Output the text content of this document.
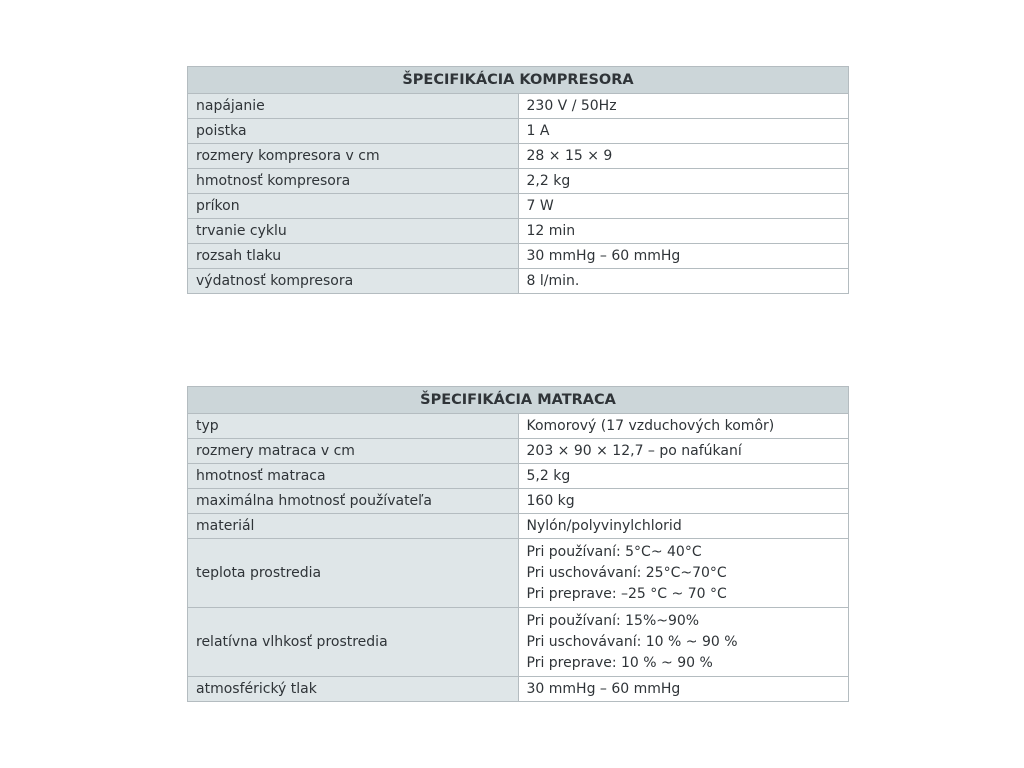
ŠPECIFIKÁCIA KOMPRESORA	
napájanie	230 V / 50Hz
poistka	1 A
rozmery kompresora v cm	28 × 15 × 9
hmotnosť kompresora	2,2 kg
príkon	7 W
trvanie cyklu	12 min
rozsah tlaku	30 mmHg – 60 mmHg
výdatnosť kompresora	8 l/min.
ŠPECIFIKÁCIA MATRACA	
typ	Komorový (17 vzduchových komôr)
rozmery matraca v cm	203 × 90 × 12,7 – po nafúkaní
hmotnosť matraca	5,2 kg
maximálna hmotnosť používateľa	160 kg
materiál	Nylón/polyvinylchlorid
teplota prostredia	Pri používaní: 5°C~ 40°C
Pri uschovávaní: 25°C~70°C
Pri preprave: –25 °C ~ 70 °C

relatívna vlhkosť prostredia	Pri používaní: 15%~90%
Pri uschovávaní: 10 % ~ 90 %
Pri preprave: 10 % ~ 90 %

atmosférický tlak	30 mmHg – 60 mmHg
